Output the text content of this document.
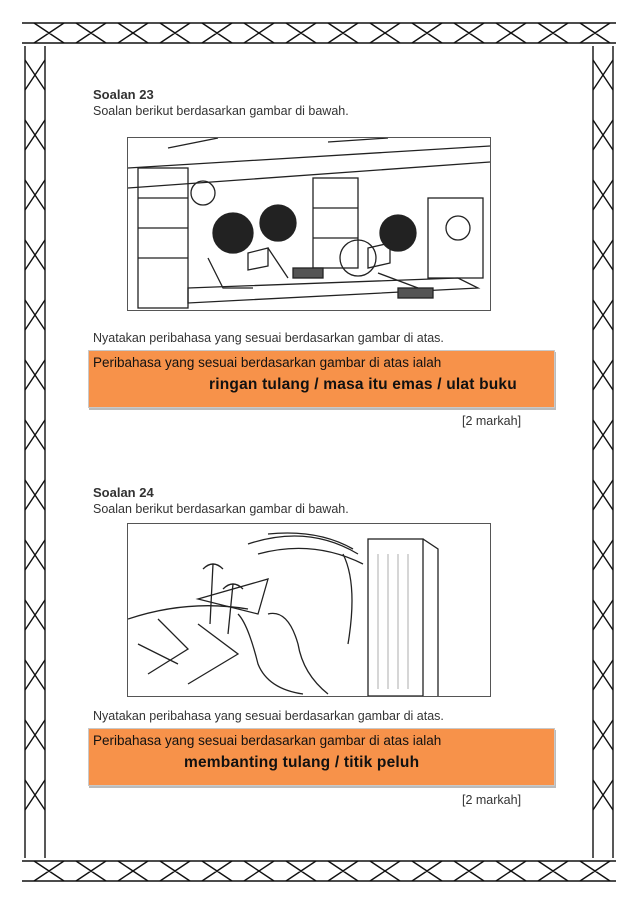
Soalan 23
Soalan berikut berdasarkan gambar di bawah.
Nyatakan peribahasa yang sesuai berdasarkan gambar di atas.
Peribahasa yang sesuai berdasarkan gambar di atas ialah
ringan tulang / masa itu emas / ulat buku
[2 markah]
Soalan 24
Soalan berikut berdasarkan gambar di bawah.
Nyatakan peribahasa yang sesuai berdasarkan gambar di atas.
Peribahasa yang sesuai berdasarkan gambar di atas ialah
membanting tulang / titik peluh
[2 markah]
